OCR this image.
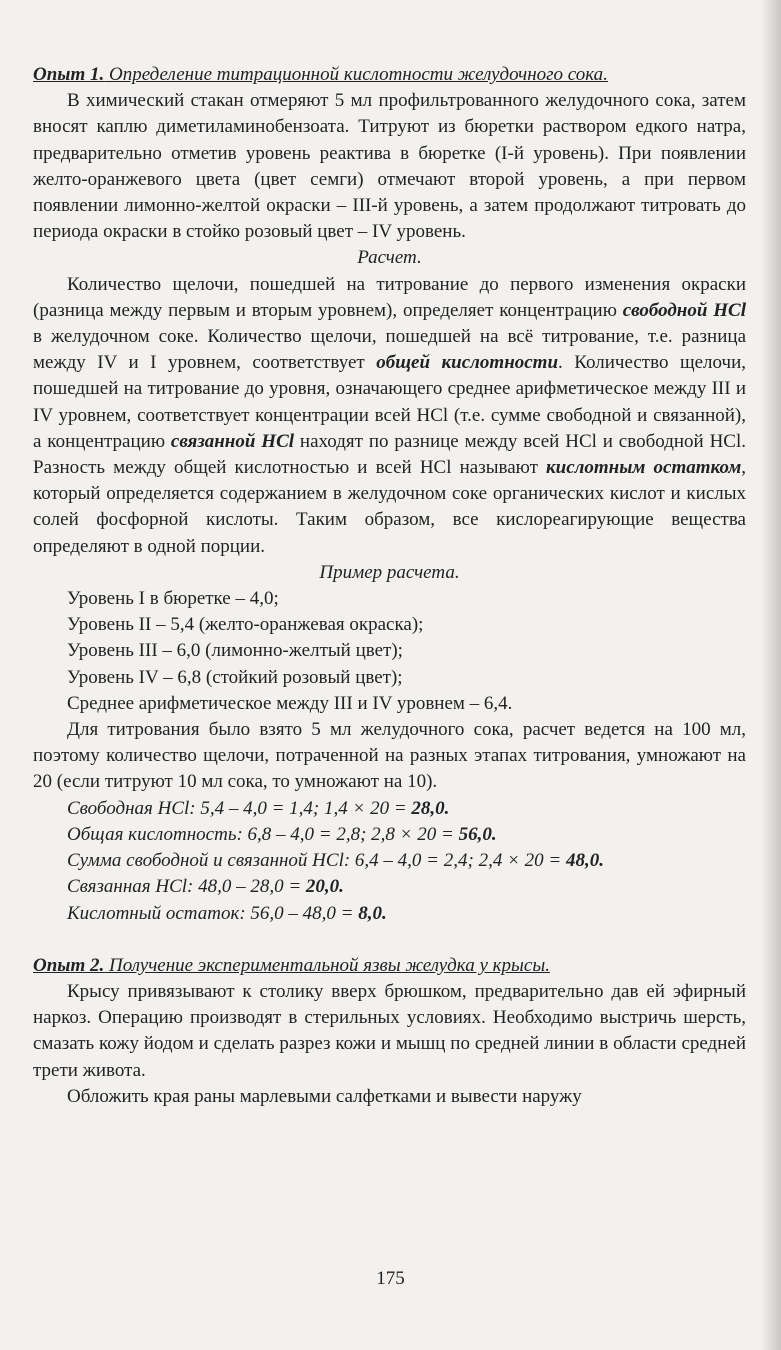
Опыт 1. Определение титрационной кислотности желудочного сока.

В химический стакан отмеряют 5 мл профильтрованного желудочного сока, затем вносят каплю диметиламинобензоата. Титруют из бюретки раствором едкого натра, предварительно отметив уровень реактива в бюретке (I-й уровень). При появлении желто-оранжевого цвета (цвет семги) отмечают второй уровень, а при первом появлении лимонно-желтой окраски – III-й уровень, а затем продолжают титровать до периода окраски в стойко розовый цвет – IV уровень.

Расчет.

Количество щелочи, пошедшей на титрование до первого изменения окраски (разница между первым и вторым уровнем), определяет концентрацию свободной HCl в желудочном соке. Количество щелочи, пошедшей на всё титрование, т.е. разница между IV и I уровнем, соответствует общей кислотности. Количество щелочи, пошедшей на титрование до уровня, означающего среднее арифметическое между III и IV уровнем, соответствует концентрации всей HCl (т.е. сумме свободной и связанной), а концентрацию связанной HCl находят по разнице между всей HCl и свободной HCl. Разность между общей кислотностью и всей HCl называют кислотным остатком, который определяется содержанием в желудочном соке органических кислот и кислых солей фосфорной кислоты. Таким образом, все кислореагирующие вещества определяют в одной порции.

Пример расчета.

Уровень I в бюретке – 4,0;

Уровень II – 5,4 (желто-оранжевая окраска);

Уровень III – 6,0 (лимонно-желтый цвет);

Уровень IV – 6,8 (стойкий розовый цвет);

Среднее арифметическое между III и IV уровнем – 6,4.

Для титрования было взято 5 мл желудочного сока, расчет ведется на 100 мл, поэтому количество щелочи, потраченной на разных этапах титрования, умножают на 20 (если титруют 10 мл сока, то умножают на 10).

Свободная HCl: 5,4 – 4,0 = 1,4; 1,4 × 20 = 28,0.

Общая кислотность: 6,8 – 4,0 = 2,8; 2,8 × 20 = 56,0.

Сумма свободной и связанной HCl: 6,4 – 4,0 = 2,4; 2,4 × 20 = 48,0.

Связанная HCl: 48,0 – 28,0 = 20,0.

Кислотный остаток: 56,0 – 48,0 = 8,0.

Опыт 2. Получение экспериментальной язвы желудка у крысы.

Крысу привязывают к столику вверх брюшком, предварительно дав ей эфирный наркоз. Операцию производят в стерильных условиях. Необходимо выстричь шерсть, смазать кожу йодом и сделать разрез кожи и мышц по средней линии в области средней трети живота.

Обложить края раны марлевыми салфетками и вывести наружу

175
